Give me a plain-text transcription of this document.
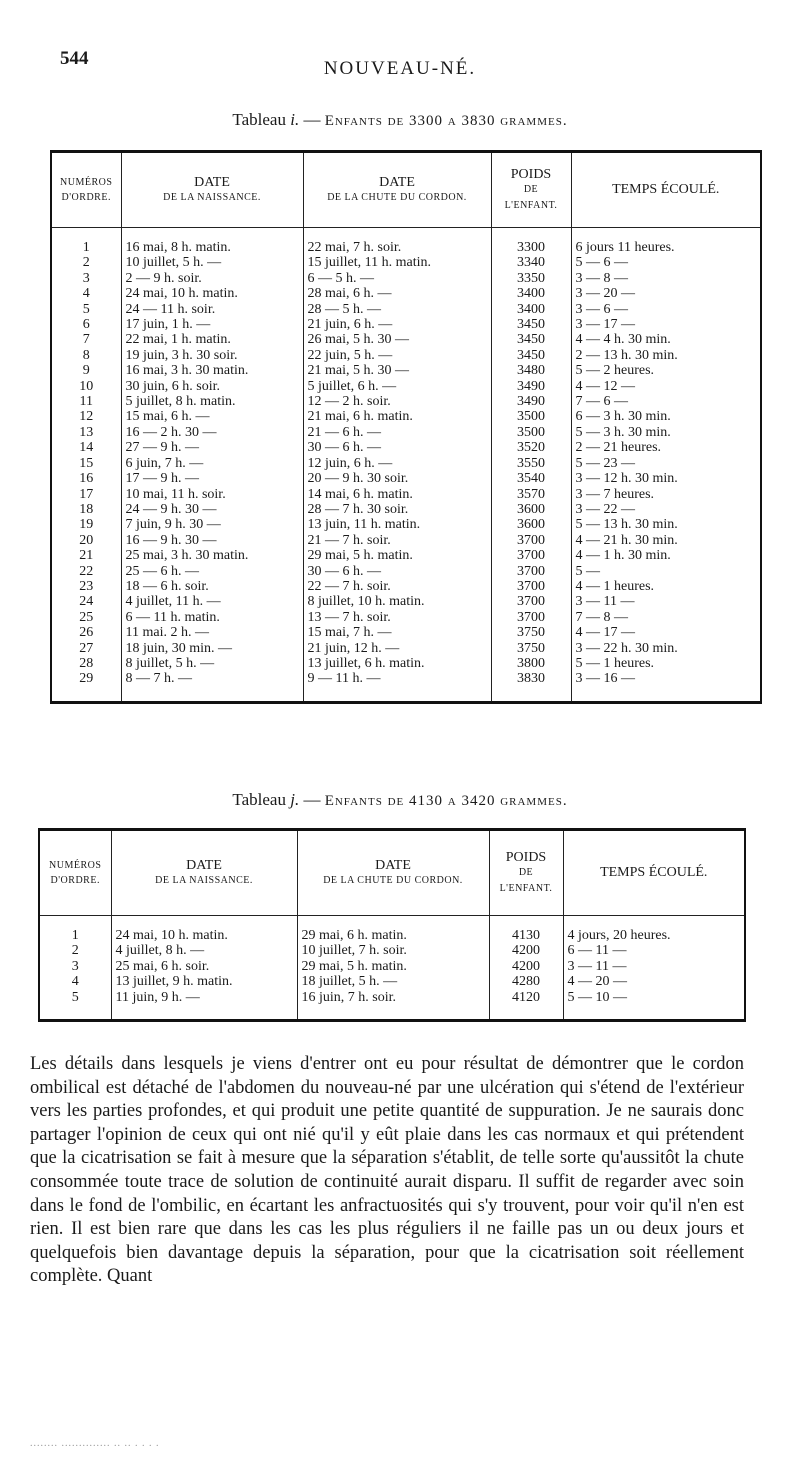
544	NOUVEAU-NÉ.
Tableau i. — Enfants de 3300 a 3830 grammes.
NUMÉROS
D'ORDRE.	DATE
DE LA NAISSANCE.	DATE
DE LA CHUTE DU CORDON.	POIDS
DE
L'ENFANT.	TEMPS ÉCOULÉ.

1	16 mai, 8 h. matin.	22 mai, 7 h. soir.	3300	6 jours 11 heures.
2	10 juillet, 5 h. —	15 juillet, 11 h. matin.	3340	5 — 6 —
3	2 — 9 h. soir.	6 — 5 h. —	3350	3 — 8 —
4	24 mai, 10 h. matin.	28 mai, 6 h. —	3400	3 — 20 —
5	24 — 11 h. soir.	28 — 5 h. —	3400	3 — 6 —
6	17 juin, 1 h. —	21 juin, 6 h. —	3450	3 — 17 —
7	22 mai, 1 h. matin.	26 mai, 5 h. 30 —	3450	4 — 4 h. 30 min.
8	19 juin, 3 h. 30 soir.	22 juin, 5 h. —	3450	2 — 13 h. 30 min.
9	16 mai, 3 h. 30 matin.	21 mai, 5 h. 30 —	3480	5 — 2 heures.
10	30 juin, 6 h. soir.	5 juillet, 6 h. —	3490	4 — 12 —
11	5 juillet, 8 h. matin.	12 — 2 h. soir.	3490	7 — 6 —
12	15 mai, 6 h. —	21 mai, 6 h. matin.	3500	6 — 3 h. 30 min.
13	16 — 2 h. 30 —	21 — 6 h. —	3500	5 — 3 h. 30 min.
14	27 — 9 h. —	30 — 6 h. —	3520	2 — 21 heures.
15	6 juin, 7 h. —	12 juin, 6 h. —	3550	5 — 23 —
16	17 — 9 h. —	20 — 9 h. 30 soir.	3540	3 — 12 h. 30 min.
17	10 mai, 11 h. soir.	14 mai, 6 h. matin.	3570	3 — 7 heures.
18	24 — 9 h. 30 —	28 — 7 h. 30 soir.	3600	3 — 22 —
19	7 juin, 9 h. 30 —	13 juin, 11 h. matin.	3600	5 — 13 h. 30 min.
20	16 — 9 h. 30 —	21 — 7 h. soir.	3700	4 — 21 h. 30 min.
21	25 mai, 3 h. 30 matin.	29 mai, 5 h. matin.	3700	4 — 1 h. 30 min.
22	25 — 6 h. —	30 — 6 h. —	3700	5 —
23	18 — 6 h. soir.	22 — 7 h. soir.	3700	4 — 1 heures.
24	4 juillet, 11 h. —	8 juillet, 10 h. matin.	3700	3 — 11 —
25	6 — 11 h. matin.	13 — 7 h. soir.	3700	7 — 8 —
26	11 mai. 2 h. —	15 mai, 7 h. —	3750	4 — 17 —
27	18 juin, 30 min. —	21 juin, 12 h. —	3750	3 — 22 h. 30 min.
28	8 juillet, 5 h. —	13 juillet, 6 h. matin.	3800	5 — 1 heures.
29	8 — 7 h. —	9 — 11 h. —	3830	3 — 16 —
Tableau j. — Enfants de 4130 a 3420 grammes.
NUMÉROS
D'ORDRE.	DATE
DE LA NAISSANCE.	DATE
DE LA CHUTE DU CORDON.	POIDS
DE
L'ENFANT.	TEMPS ÉCOULÉ.

1	24 mai, 10 h. matin.	29 mai, 6 h. matin.	4130	4 jours, 20 heures.
2	4 juillet, 8 h. —	10 juillet, 7 h. soir.	4200	6 — 11 —
3	25 mai, 6 h. soir.	29 mai, 5 h. matin.	4200	3 — 11 —
4	13 juillet, 9 h. matin.	18 juillet, 5 h. —	4280	4 — 20 —
5	11 juin, 9 h. —	16 juin, 7 h. soir.	4120	5 — 10 —

Les détails dans lesquels je viens d'entrer ont eu pour résultat de démontrer que le cordon ombilical est détaché de l'abdomen du nouveau-né par une ulcération qui s'étend de l'extérieur vers les parties profondes, et qui produit une petite quantité de suppuration. Je ne saurais donc partager l'opinion de ceux qui ont nié qu'il y eût plaie dans les cas normaux et qui prétendent que la cicatrisation se fait à mesure que la séparation s'établit, de telle sorte qu'aussitôt la chute consommée toute trace de solution de continuité aurait disparu. Il suffit de regarder avec soin dans le fond de l'ombilic, en écartant les anfractuosités qui s'y trouvent, pour voir qu'il n'en est rien. Il est bien rare que dans les cas les plus réguliers il ne faille pas un ou deux jours et quelquefois bien davantage depuis la séparation, pour que la cicatrisation soit réellement complète. Quant

........ .............. .. .. . . . .
